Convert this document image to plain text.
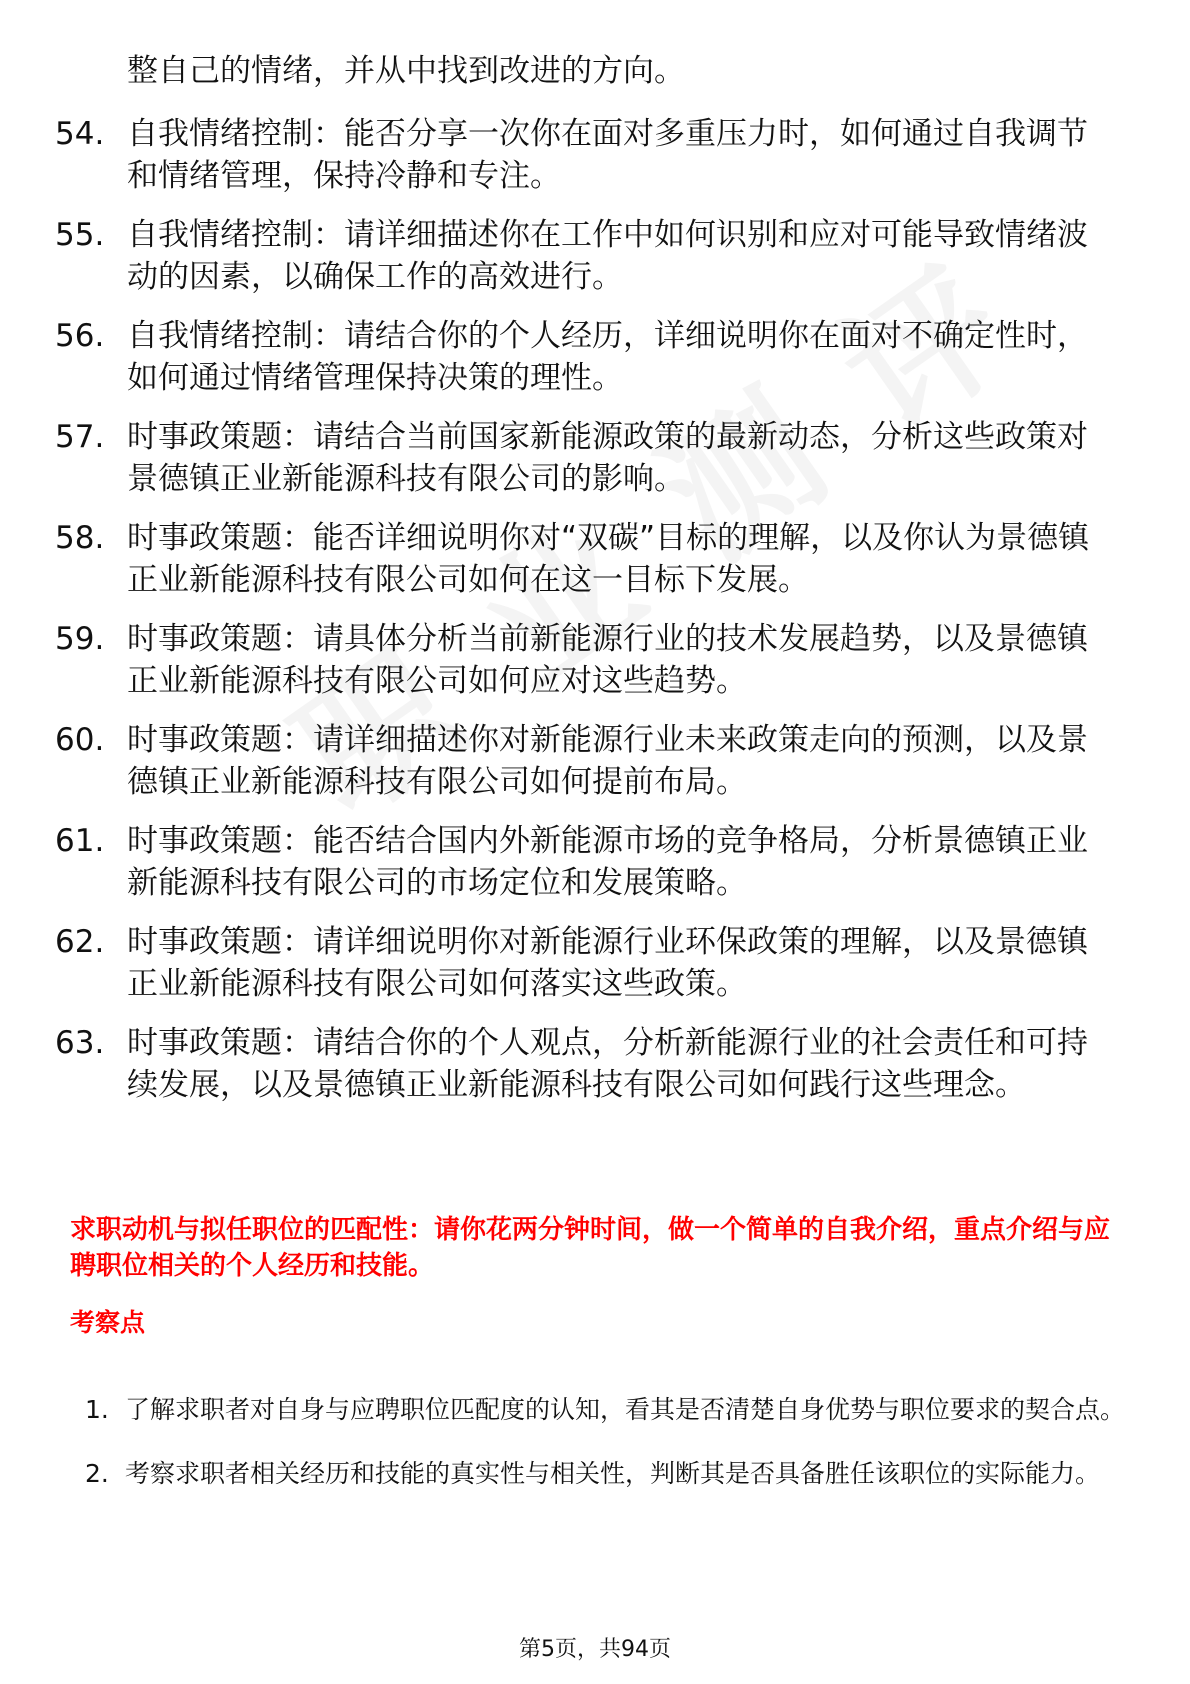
整自己的情绪，并从中找到改进的方向。
54. 自我情绪控制：能否分享一次你在面对多重压力时，如何通过自我调节和情绪管理，保持冷静和专注。
55. 自我情绪控制：请详细描述你在工作中如何识别和应对可能导致情绪波动的因素，以确保工作的高效进行。
56. 自我情绪控制：请结合你的个人经历，详细说明你在面对不确定性时，如何通过情绪管理保持决策的理性。
57. 时事政策题：请结合当前国家新能源政策的最新动态，分析这些政策对景德镇正业新能源科技有限公司的影响。
58. 时事政策题：能否详细说明你对“双碳”目标的理解，以及你认为景德镇正业新能源科技有限公司如何在这一目标下发展。
59. 时事政策题：请具体分析当前新能源行业的技术发展趋势，以及景德镇正业新能源科技有限公司如何应对这些趋势。
60. 时事政策题：请详细描述你对新能源行业未来政策走向的预测，以及景德镇正业新能源科技有限公司如何提前布局。
61. 时事政策题：能否结合国内外新能源市场的竞争格局，分析景德镇正业新能源科技有限公司的市场定位和发展策略。
62. 时事政策题：请详细说明你对新能源行业环保政策的理解，以及景德镇正业新能源科技有限公司如何落实这些政策。
63. 时事政策题：请结合你的个人观点，分析新能源行业的社会责任和可持续发展，以及景德镇正业新能源科技有限公司如何践行这些理念。
求职动机与拟任职位的匹配性：请你花两分钟时间，做一个简单的自我介绍，重点介绍与应聘职位相关的个人经历和技能。
考察点
1. 了解求职者对自身与应聘职位匹配度的认知，看其是否清楚自身优势与职位要求的契合点。
2. 考察求职者相关经历和技能的真实性与相关性，判断其是否具备胜任该职位的实际能力。
第5页，共94页
